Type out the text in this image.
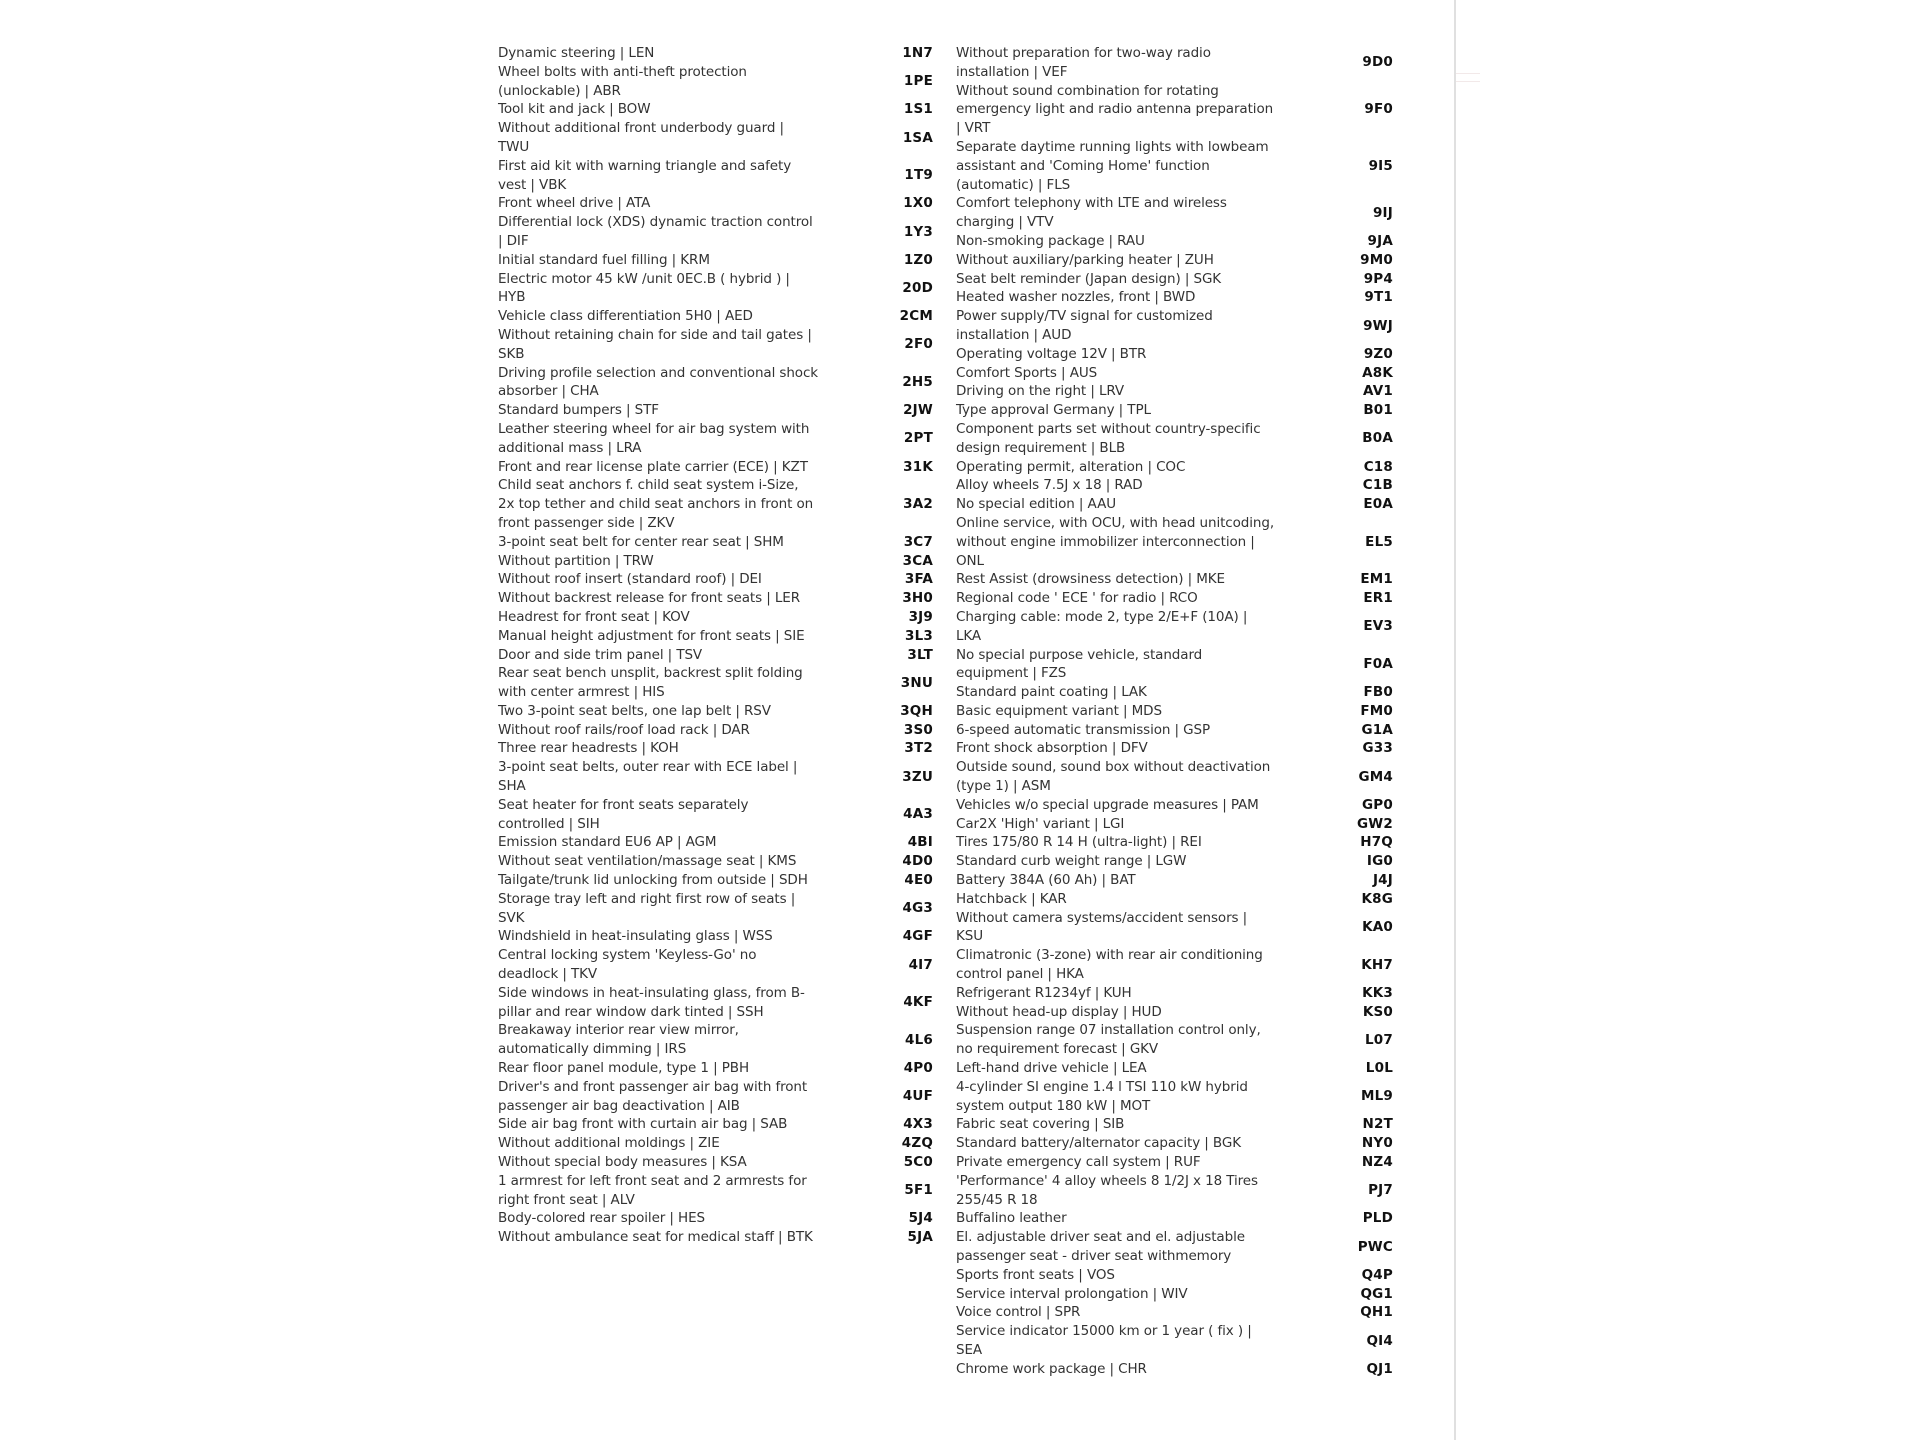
Dynamic steering | LEN	1N7
Wheel bolts with anti-theft protection (unlockable) | ABR
1PE
Tool kit and jack | BOW	1S1
Without additional front underbody guard | TWU
1SA
First aid kit with warning triangle and safety vest | VBK
1T9
Front wheel drive | ATA	1X0
Differential lock (XDS) dynamic traction control | DIF
1Y3
Initial standard fuel filling | KRM	1Z0
Electric motor 45 kW /unit 0EC.B ( hybrid ) | HYB
20D
Vehicle class differentiation 5H0 | AED	2CM
Without retaining chain for side and tail gates | SKB
2F0
Driving profile selection and conventional shock absorber | CHA
2H5
Standard bumpers | STF	2JW
Leather steering wheel for air bag system with additional mass | LRA
2PT
Front and rear license plate carrier (ECE) | KZT	31K
Child seat anchors f. child seat system i-Size, 2x top tether and child seat anchors in front on front passenger side | ZKV
3A2
3-point seat belt for center rear seat | SHM	3C7
Without partition | TRW	3CA
Without roof insert (standard roof) | DEI	3FA
Without backrest release for front seats | LER	3H0
Headrest for front seat | KOV	3J9
Manual height adjustment for front seats | SIE	3L3
Door and side trim panel | TSV	3LT
Rear seat bench unsplit, backrest split folding with center armrest | HIS
3NU
Two 3-point seat belts, one lap belt | RSV	3QH
Without roof rails/roof load rack | DAR	3S0
Three rear headrests | KOH	3T2
3-point seat belts, outer rear with ECE label | SHA
3ZU
Seat heater for front seats separately controlled | SIH
4A3
Emission standard EU6 AP | AGM	4BI
Without seat ventilation/massage seat | KMS	4D0
Tailgate/trunk lid unlocking from outside | SDH	4E0
Storage tray left and right first row of seats | SVK
4G3
Windshield in heat-insulating glass | WSS	4GF
Central locking system 'Keyless-Go' no deadlock | TKV
4I7
Side windows in heat-insulating glass, from B-pillar and rear window dark tinted | SSH
4KF
Breakaway interior rear view mirror, automatically dimming | IRS
4L6
Rear floor panel module, type 1 | PBH	4P0
Driver's and front passenger air bag with front passenger air bag deactivation | AIB
4UF
Side air bag front with curtain air bag | SAB	4X3
Without additional moldings | ZIE	4ZQ
Without special body measures | KSA	5C0
1 armrest for left front seat and 2 armrests for right front seat | ALV
5F1
Body-colored rear spoiler | HES	5J4
Without ambulance seat for medical staff | BTK	5JA
Without preparation for two-way radio installation | VEF
9D0
Without sound combination for rotating emergency light and radio antenna preparation | VRT
9F0
Separate daytime running lights with lowbeam assistant and 'Coming Home' function (automatic) | FLS
9I5
Comfort telephony with LTE and wireless charging | VTV
9IJ
Non-smoking package | RAU	9JA
Without auxiliary/parking heater | ZUH	9M0
Seat belt reminder (Japan design) | SGK	9P4
Heated washer nozzles, front | BWD	9T1
Power supply/TV signal for customized installation | AUD
9WJ
Operating voltage 12V | BTR	9Z0
Comfort Sports | AUS	A8K
Driving on the right | LRV	AV1
Type approval Germany | TPL	B01
Component parts set without country-specific design requirement | BLB
B0A
Operating permit, alteration | COC	C18
Alloy wheels 7.5J x 18 | RAD	C1B
No special edition | AAU	E0A
Online service, with OCU, with head unitcoding, without engine immobilizer interconnection | ONL
EL5
Rest Assist (drowsiness detection) | MKE	EM1
Regional code ' ECE ' for radio | RCO	ER1
Charging cable: mode 2, type 2/E+F (10A) | LKA
EV3
No special purpose vehicle, standard equipment | FZS
F0A
Standard paint coating | LAK	FB0
Basic equipment variant | MDS	FM0
6-speed automatic transmission | GSP	G1A
Front shock absorption | DFV	G33
Outside sound, sound box without deactivation (type 1) | ASM
GM4
Vehicles w/o special upgrade measures | PAM	GP0
Car2X 'High' variant | LGI	GW2
Tires 175/80 R 14 H (ultra-light) | REI	H7Q
Standard curb weight range | LGW	IG0
Battery 384A (60 Ah) | BAT	J4J
Hatchback | KAR	K8G
Without camera systems/accident sensors | KSU
KA0
Climatronic (3-zone) with rear air conditioning control panel | HKA
KH7
Refrigerant R1234yf | KUH	KK3
Without head-up display | HUD	KS0
Suspension range 07 installation control only, no requirement forecast | GKV
L07
Left-hand drive vehicle | LEA	L0L
4-cylinder SI engine 1.4 l TSI 110 kW hybrid system output 180 kW | MOT
ML9
Fabric seat covering | SIB	N2T
Standard battery/alternator capacity | BGK	NY0
Private emergency call system | RUF	NZ4
'Performance' 4 alloy wheels 8 1/2J x 18 Tires 255/45 R 18
PJ7
Buffalino leather	PLD
El. adjustable driver seat and el. adjustable passenger seat - driver seat withmemory
PWC
Sports front seats | VOS	Q4P
Service interval prolongation | WIV	QG1
Voice control | SPR	QH1
Service indicator 15000 km or 1 year ( fix ) | SEA
QI4
Chrome work package | CHR	QJ1
